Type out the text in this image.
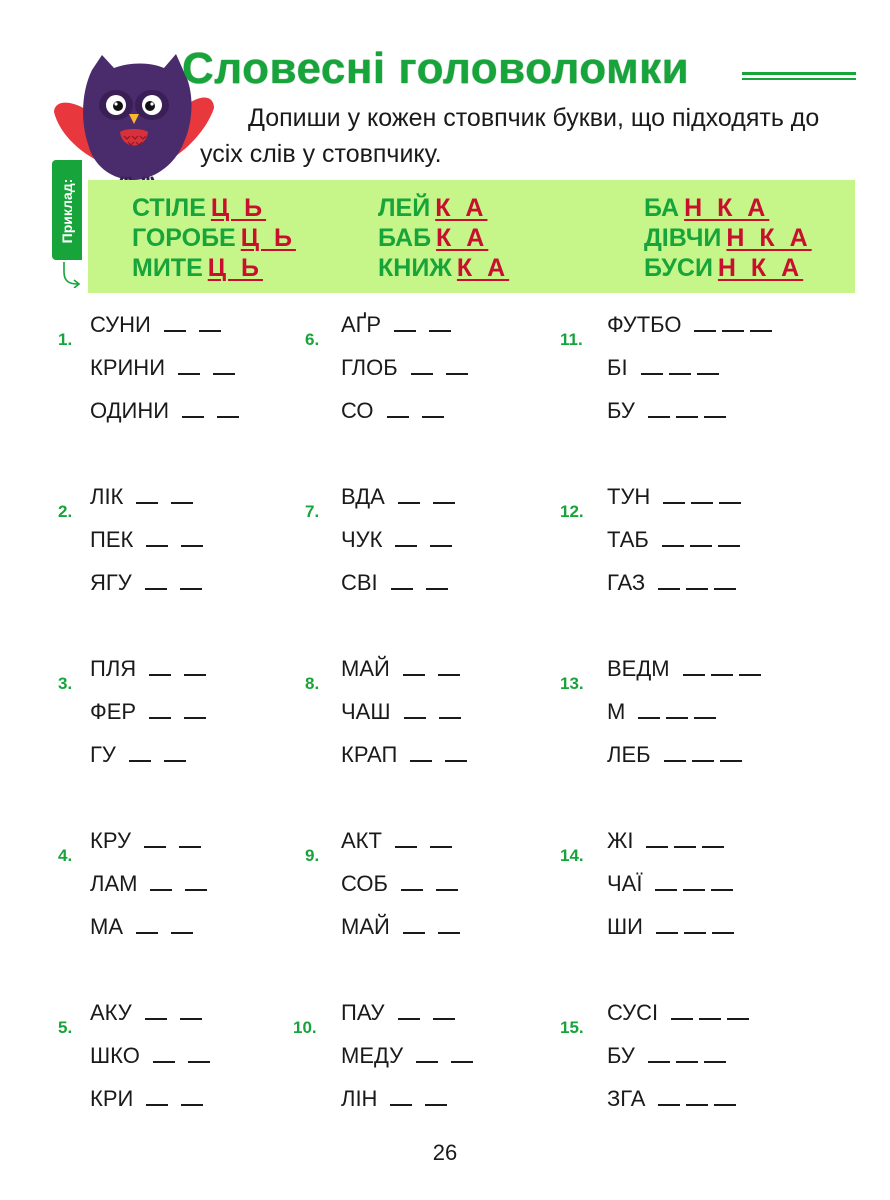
Словесні головоломки

Допиши у кожен стовпчик букви, що підходять до усіх слів у стовпчику.

Приклад: СТІЛЕ Ц Ь
ГОРОБЕ Ц Ь
МИТЕ Ц Ь
ЛЕЙ К А
БАБ К А
КНИЖ К А
БА Н К А
ДІВЧИ Н К А
БУСИ Н К А
1.
СУНИ
КРИНИ
ОДИНИ
2.
ЛІК
ПЕК
ЯГУ
3.
ПЛЯ
ФЕР
ГУ
4.
КРУ
ЛАМ
МА
5.
АКУ
ШКО
КРИ
6.
АҐР
ГЛОБ
СО
7.
ВДА
ЧУК
СВІ
8.
МАЙ
ЧАШ
КРАП
9.
АКТ
СОБ
МАЙ
10.
ПАУ
МЕДУ
ЛІН
11.
ФУТБО
БІ
БУ
12.
ТУН
ТАБ
ГАЗ
13.
ВЕДМ
М
ЛЕБ
14.
ЖІ
ЧАЇ
ШИ
15.
СУСІ
БУ
ЗГА
26
